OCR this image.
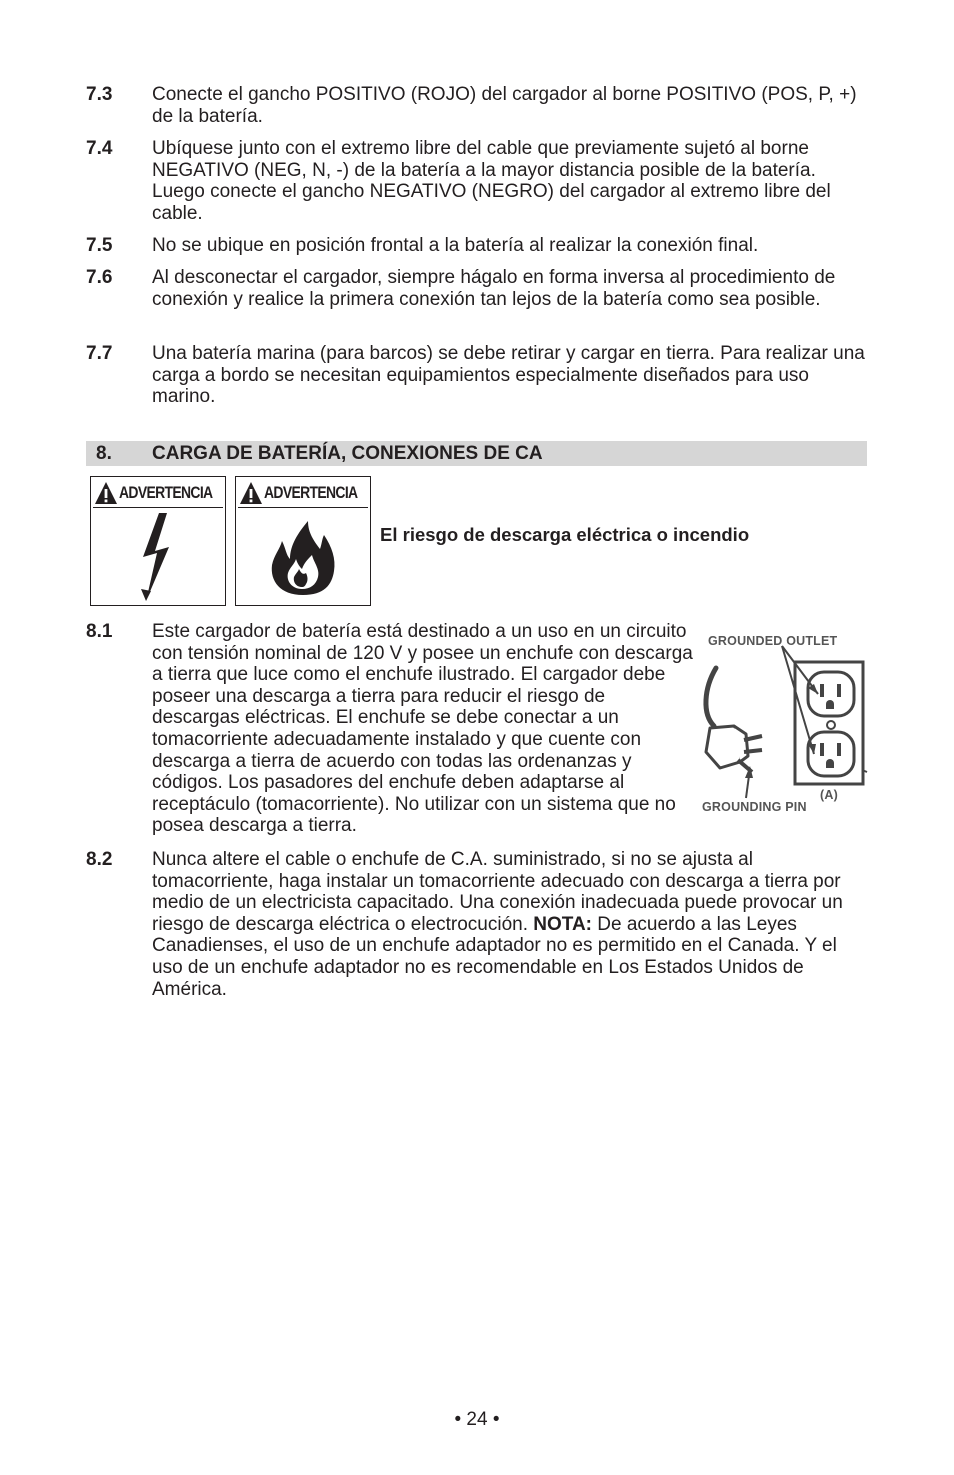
7.3	Conecte el gancho POSITIVO (ROJO) del cargador al borne POSITIVO (POS, P, +) de la batería.
7.4	Ubíquese junto con el extremo libre del cable que previamente sujetó al borne NEGATIVO (NEG, N, -) de la batería a la mayor distancia posible de la batería. Luego conecte el gancho NEGATIVO (NEGRO) del cargador al extremo libre del cable.
7.5	No se ubique en posición frontal a la batería al realizar la conexión final.
7.6	Al desconectar el cargador, siempre hágalo en forma inversa al procedimiento de conexión y realice la primera conexión tan lejos de la batería como sea posible.
7.7	Una batería marina (para barcos) se debe retirar y cargar en tierra. Para realizar una carga a bordo se necesitan equipamientos especialmente diseñados para uso marino.
8. CARGA DE BATERÍA, CONEXIONES DE CA
ADVERTENCIA	ADVERTENCIA
El riesgo de descarga eléctrica o incendio
8.1	Este cargador de batería está destinado a un uso en un circuito con tensión nominal de 120 V y posee un enchufe con descarga a tierra que luce como el enchufe ilustrado. El cargador debe poseer una descarga a tierra para reducir el riesgo de descargas eléctricas. El enchufe se debe conectar a un tomacorriente adecuadamente instalado y que cuente con descarga a tierra de acuerdo con todas las ordenanzas y códigos. Los pasadores del enchufe deben adaptarse al receptáculo (tomacorriente). No utilizar con un sistema que no posea descarga a tierra.
GROUNDED OUTLET
GROUNDING PIN
(A)
8.2	Nunca altere el cable o enchufe de C.A. suministrado, si no se ajusta al tomacorriente, haga instalar un tomacorriente adecuado con descarga a tierra por medio de un electricista capacitado. Una conexión inadecuada puede provocar un riesgo de descarga eléctrica o electrocución. NOTA: De acuerdo a las Leyes Canadienses, el uso de un enchufe adaptador no es permitido en el Canada. Y el uso de un enchufe adaptador no es recomendable en Los Estados Unidos de América.
• 24 •
